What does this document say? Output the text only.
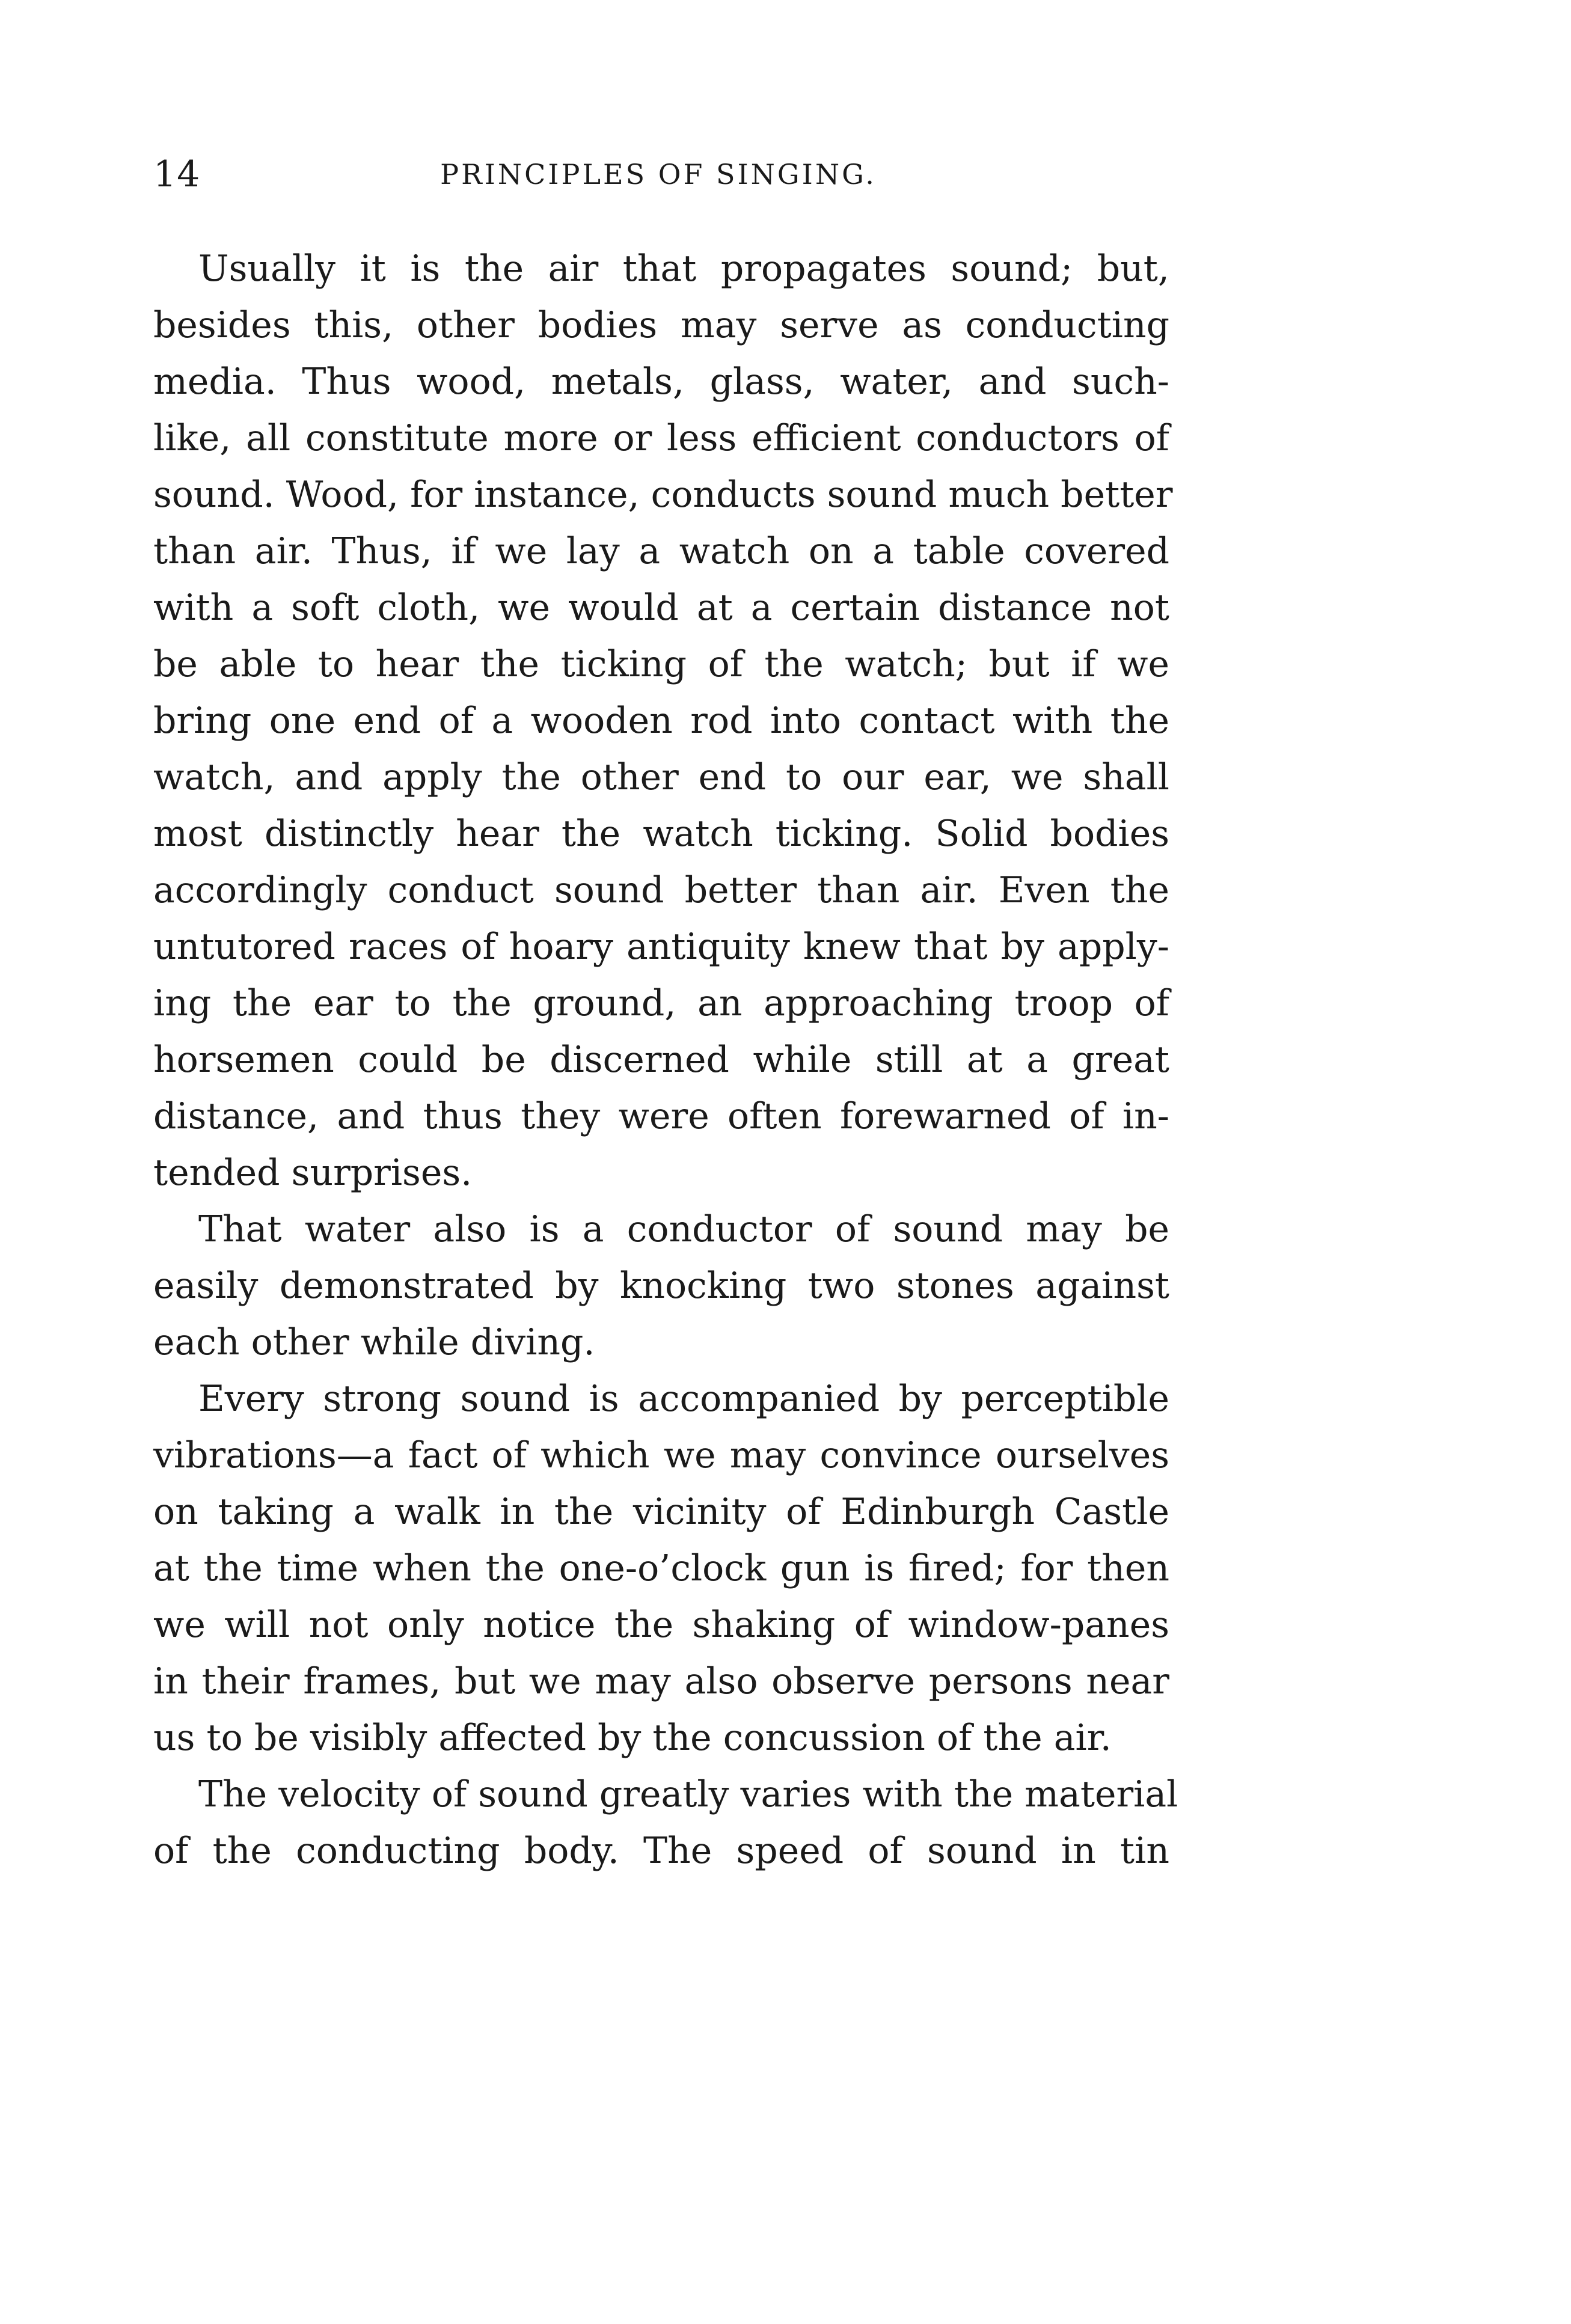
14	PRINCIPLES OF SINGING.
Usually it is the air that propagates sound; but,
besides this, other bodies may serve as conducting
media. Thus wood, metals, glass, water, and such-
like, all constitute more or less efficient conductors of
sound. Wood, for instance, conducts sound much better
than air. Thus, if we lay a watch on a table covered
with a soft cloth, we would at a certain distance not
be able to hear the ticking of the watch; but if we
bring one end of a wooden rod into contact with the
watch, and apply the other end to our ear, we shall
most distinctly hear the watch ticking. Solid bodies
accordingly conduct sound better than air. Even the
untutored races of hoary antiquity knew that by apply-
ing the ear to the ground, an approaching troop of
horsemen could be discerned while still at a great
distance, and thus they were often forewarned of in-
tended surprises.
That water also is a conductor of sound may be
easily demonstrated by knocking two stones against
each other while diving.
Every strong sound is accompanied by perceptible
vibrations—a fact of which we may convince ourselves
on taking a walk in the vicinity of Edinburgh Castle
at the time when the one-o’clock gun is fired; for then
we will not only notice the shaking of window-panes
in their frames, but we may also observe persons near
us to be visibly affected by the concussion of the air.
The velocity of sound greatly varies with the material
of the conducting body. The speed of sound in tin
